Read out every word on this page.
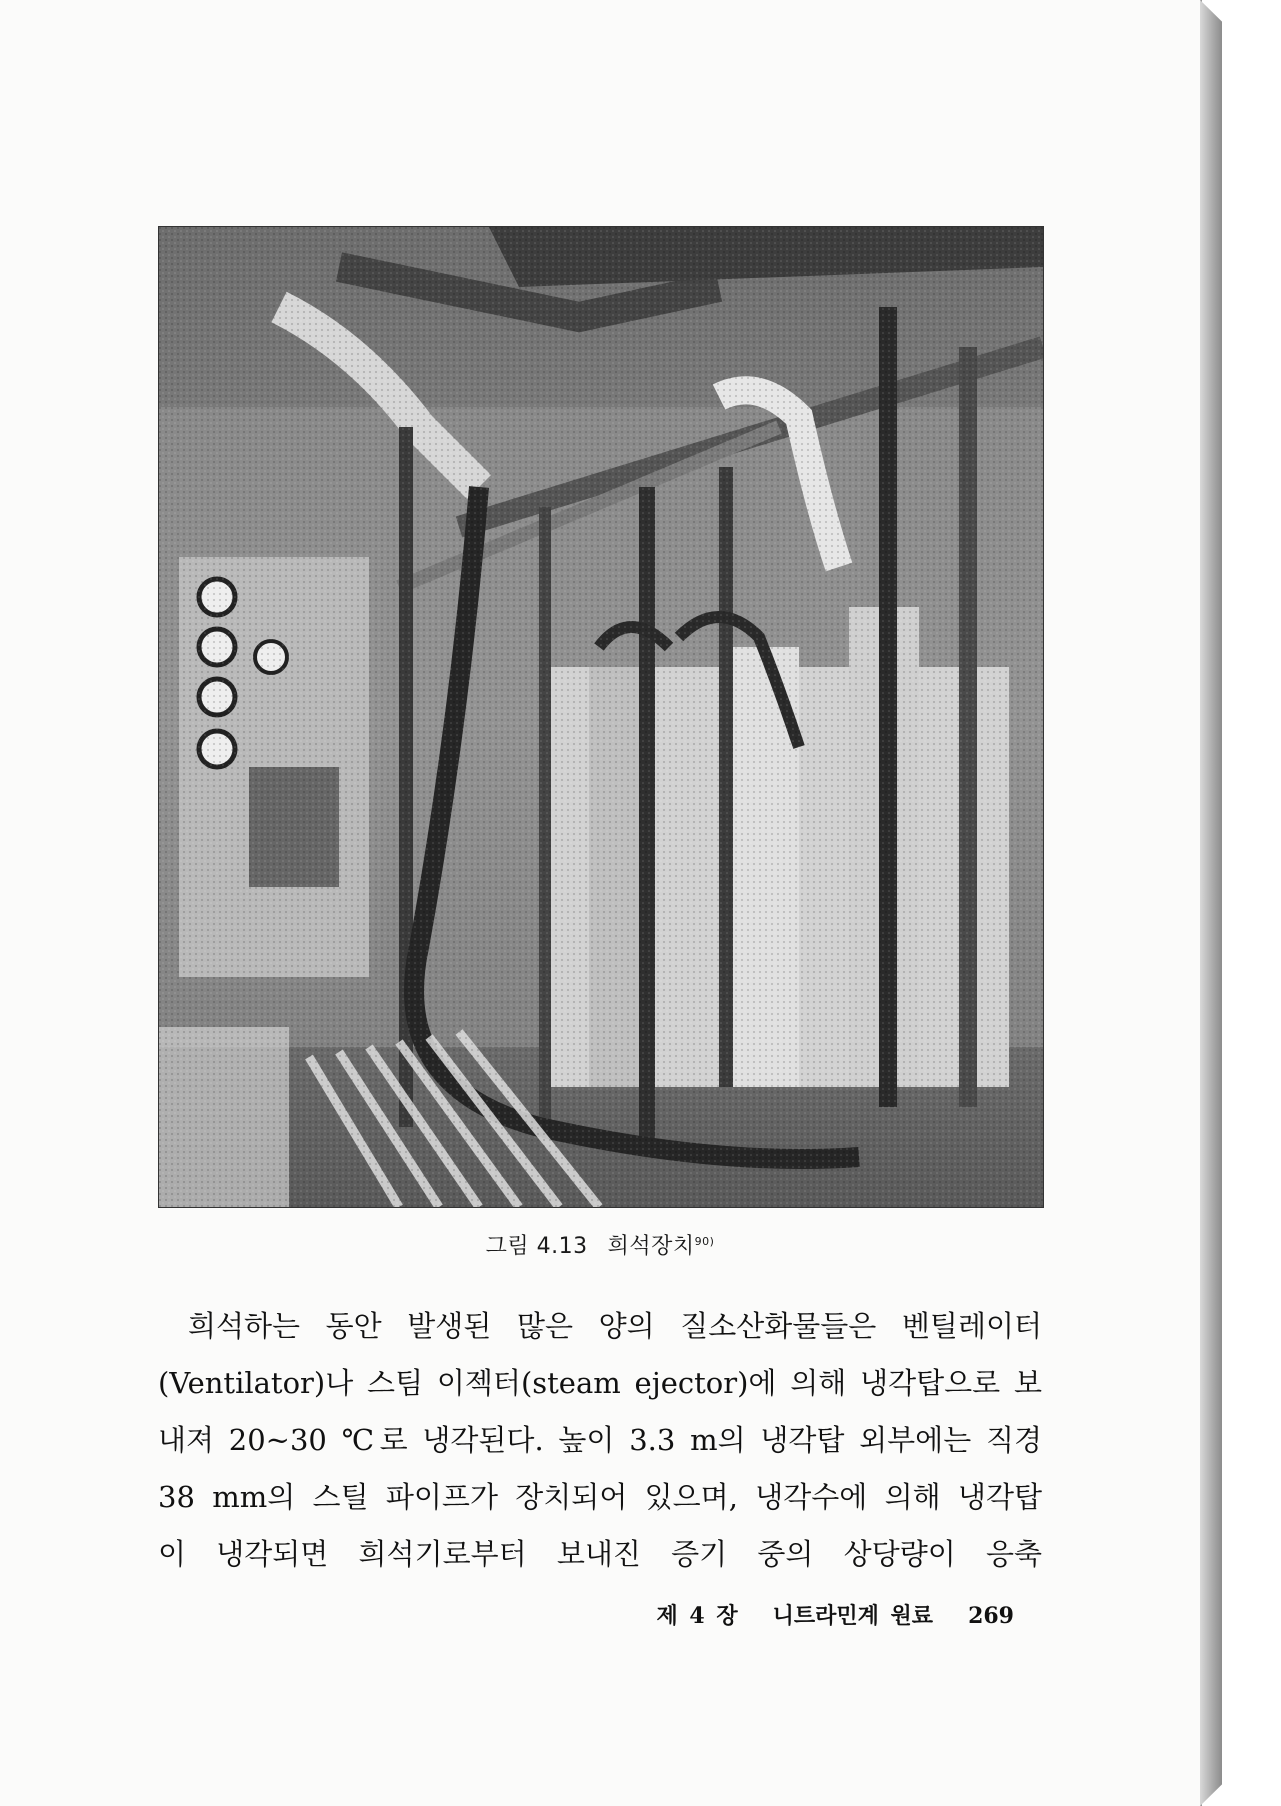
그림 4.13 희석장치$^{90)}$
희석하는 동안 발생된 많은 양의 질소산화물들은 벤틸레이터
(Ventilator)나 스팀 이젝터(steam ejector)에 의해 냉각탑으로 보
내져 20~30 ℃로 냉각된다. 높이 3.3 m의 냉각탑 외부에는 직경
38 mm의 스틸 파이프가 장치되어 있으며, 냉각수에 의해 냉각탑
이 냉각되면 희석기로부터 보내진 증기 중의 상당량이 응축
제 4 장 니트라민계 원료 269
